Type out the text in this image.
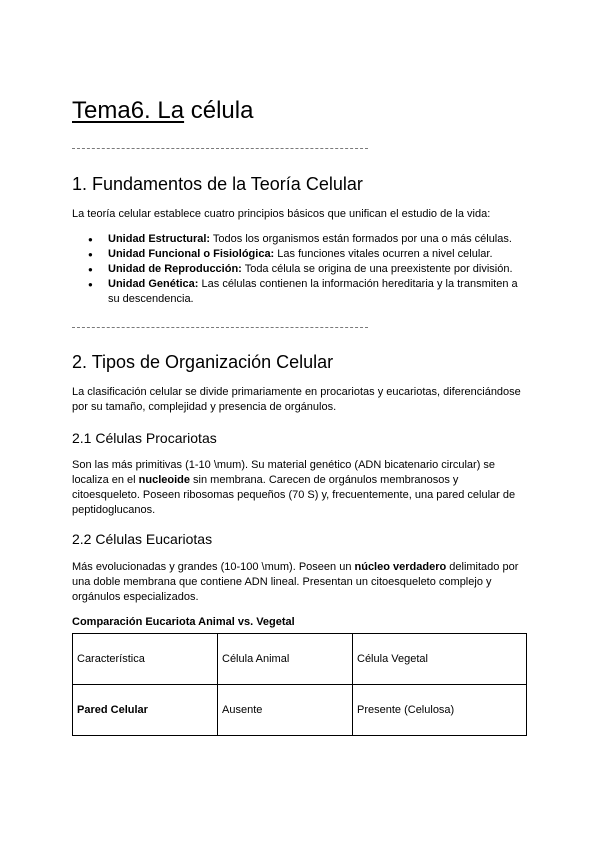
Tema6. La célula
1. Fundamentos de la Teoría Celular

La teoría celular establece cuatro principios básicos que unifican el estudio de la vida:

● Unidad Estructural: Todos los organismos están formados por una o más células.
● Unidad Funcional o Fisiológica: Las funciones vitales ocurren a nivel celular.
● Unidad de Reproducción: Toda célula se origina de una preexistente por división.
● Unidad Genética: Las células contienen la información hereditaria y la transmiten a su descendencia.
2. Tipos de Organización Celular

La clasificación celular se divide primariamente en procariotas y eucariotas, diferenciándose por su tamaño, complejidad y presencia de orgánulos.

2.1 Células Procariotas

Son las más primitivas (1-10 \mum). Su material genético (ADN bicatenario circular) se localiza en el nucleoide sin membrana. Carecen de orgánulos membranosos y citoesqueleto. Poseen ribosomas pequeños (70 S) y, frecuentemente, una pared celular de peptidoglucanos.

2.2 Células Eucariotas

Más evolucionadas y grandes (10-100 \mum). Poseen un núcleo verdadero delimitado por una doble membrana que contiene ADN lineal. Presentan un citoesqueleto complejo y orgánulos especializados.

Comparación Eucariota Animal vs. Vegetal
Característica	Célula Animal	Célula Vegetal
Pared Celular	Ausente	Presente (Celulosa)
